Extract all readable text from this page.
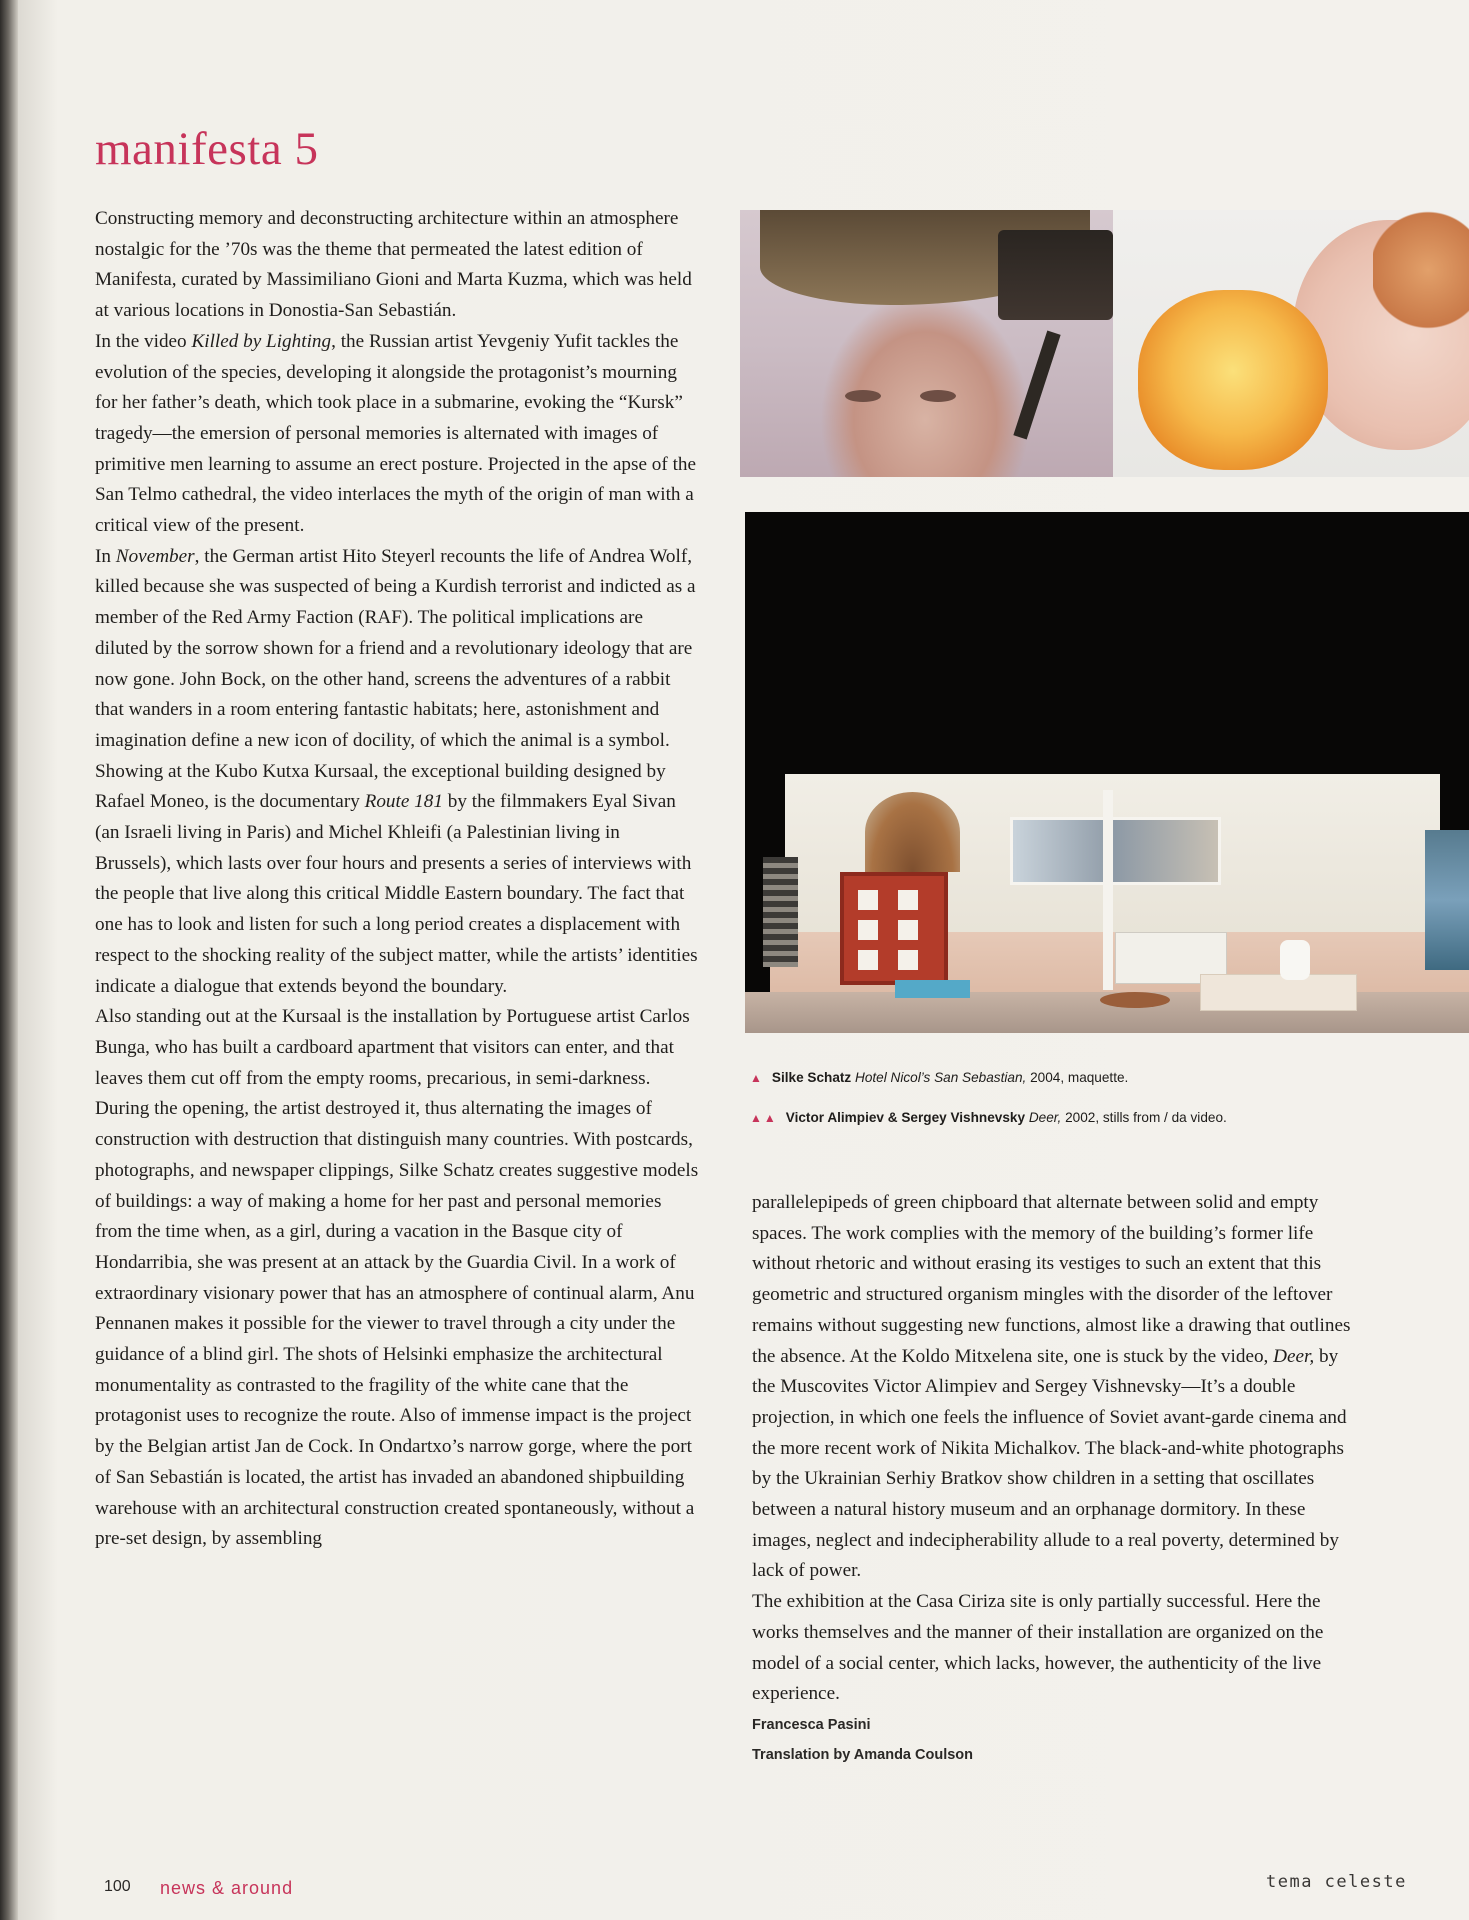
manifesta 5

Constructing memory and deconstructing architecture within an atmosphere nostalgic for the ’70s was the theme that permeated the latest edition of Manifesta, curated by Massimiliano Gioni and Marta Kuzma, which was held at various locations in Donostia-San Sebastián.

In the video Killed by Lighting, the Russian artist Yevgeniy Yufit tackles the evolution of the species, developing it alongside the protagonist’s mourning for her father’s death, which took place in a submarine, evoking the “Kursk” tragedy—the emersion of personal memories is alternated with images of primitive men learning to assume an erect posture. Projected in the apse of the San Telmo cathedral, the video interlaces the myth of the origin of man with a critical view of the present.

In November, the German artist Hito Steyerl recounts the life of Andrea Wolf, killed because she was suspected of being a Kurdish terrorist and indicted as a member of the Red Army Faction (RAF). The political implications are diluted by the sorrow shown for a friend and a revolutionary ideology that are now gone. John Bock, on the other hand, screens the adventures of a rabbit that wanders in a room entering fantastic habitats; here, astonishment and imagination define a new icon of docility, of which the animal is a symbol.

Showing at the Kubo Kutxa Kursaal, the exceptional building designed by Rafael Moneo, is the documentary Route 181 by the filmmakers Eyal Sivan (an Israeli living in Paris) and Michel Khleifi (a Palestinian living in Brussels), which lasts over four hours and presents a series of interviews with the people that live along this critical Middle Eastern boundary. The fact that one has to look and listen for such a long period creates a displacement with respect to the shocking reality of the subject matter, while the artists’ identities indicate a dialogue that extends beyond the boundary.

Also standing out at the Kursaal is the installation by Portuguese artist Carlos Bunga, who has built a cardboard apartment that visitors can enter, and that leaves them cut off from the empty rooms, precarious, in semi-darkness. During the opening, the artist destroyed it, thus alternating the images of construction with destruction that distinguish many countries. With postcards, photographs, and newspaper clippings, Silke Schatz creates suggestive models of buildings: a way of making a home for her past and personal memories from the time when, as a girl, during a vacation in the Basque city of Hondarribia, she was present at an attack by the Guardia Civil. In a work of extraordinary visionary power that has an atmosphere of continual alarm, Anu Pennanen makes it possible for the viewer to travel through a city under the guidance of a blind girl. The shots of Helsinki emphasize the architectural monumentality as contrasted to the fragility of the white cane that the protagonist uses to recognize the route. Also of immense impact is the project by the Belgian artist Jan de Cock. In Ondartxo’s narrow gorge, where the port of San Sebastián is located, the artist has invaded an abandoned shipbuilding warehouse with an architectural construction created spontaneously, without a pre-set design, by assembling

▲ Silke Schatz Hotel Nicol’s San Sebastian, 2004, maquette.

▲▲ Victor Alimpiev & Sergey Vishnevsky Deer, 2002, stills from / da video.

parallelepipeds of green chipboard that alternate between solid and empty spaces. The work complies with the memory of the building’s former life without rhetoric and without erasing its vestiges to such an extent that this geometric and structured organism mingles with the disorder of the leftover remains without suggesting new functions, almost like a drawing that outlines the absence. At the Koldo Mitxelena site, one is stuck by the video, Deer, by the Muscovites Victor Alimpiev and Sergey Vishnevsky—It’s a double projection, in which one feels the influence of Soviet avant-garde cinema and the more recent work of Nikita Michalkov. The black-and-white photographs by the Ukrainian Serhiy Bratkov show children in a setting that oscillates between a natural history museum and an orphanage dormitory. In these images, neglect and indecipherability allude to a real poverty, determined by lack of power.

The exhibition at the Casa Ciriza site is only partially successful. Here the works themselves and the manner of their installation are organized on the model of a social center, which lacks, however, the authenticity of the live experience.

Francesca Pasini

Translation by Amanda Coulson

100 news & around	tema celeste
